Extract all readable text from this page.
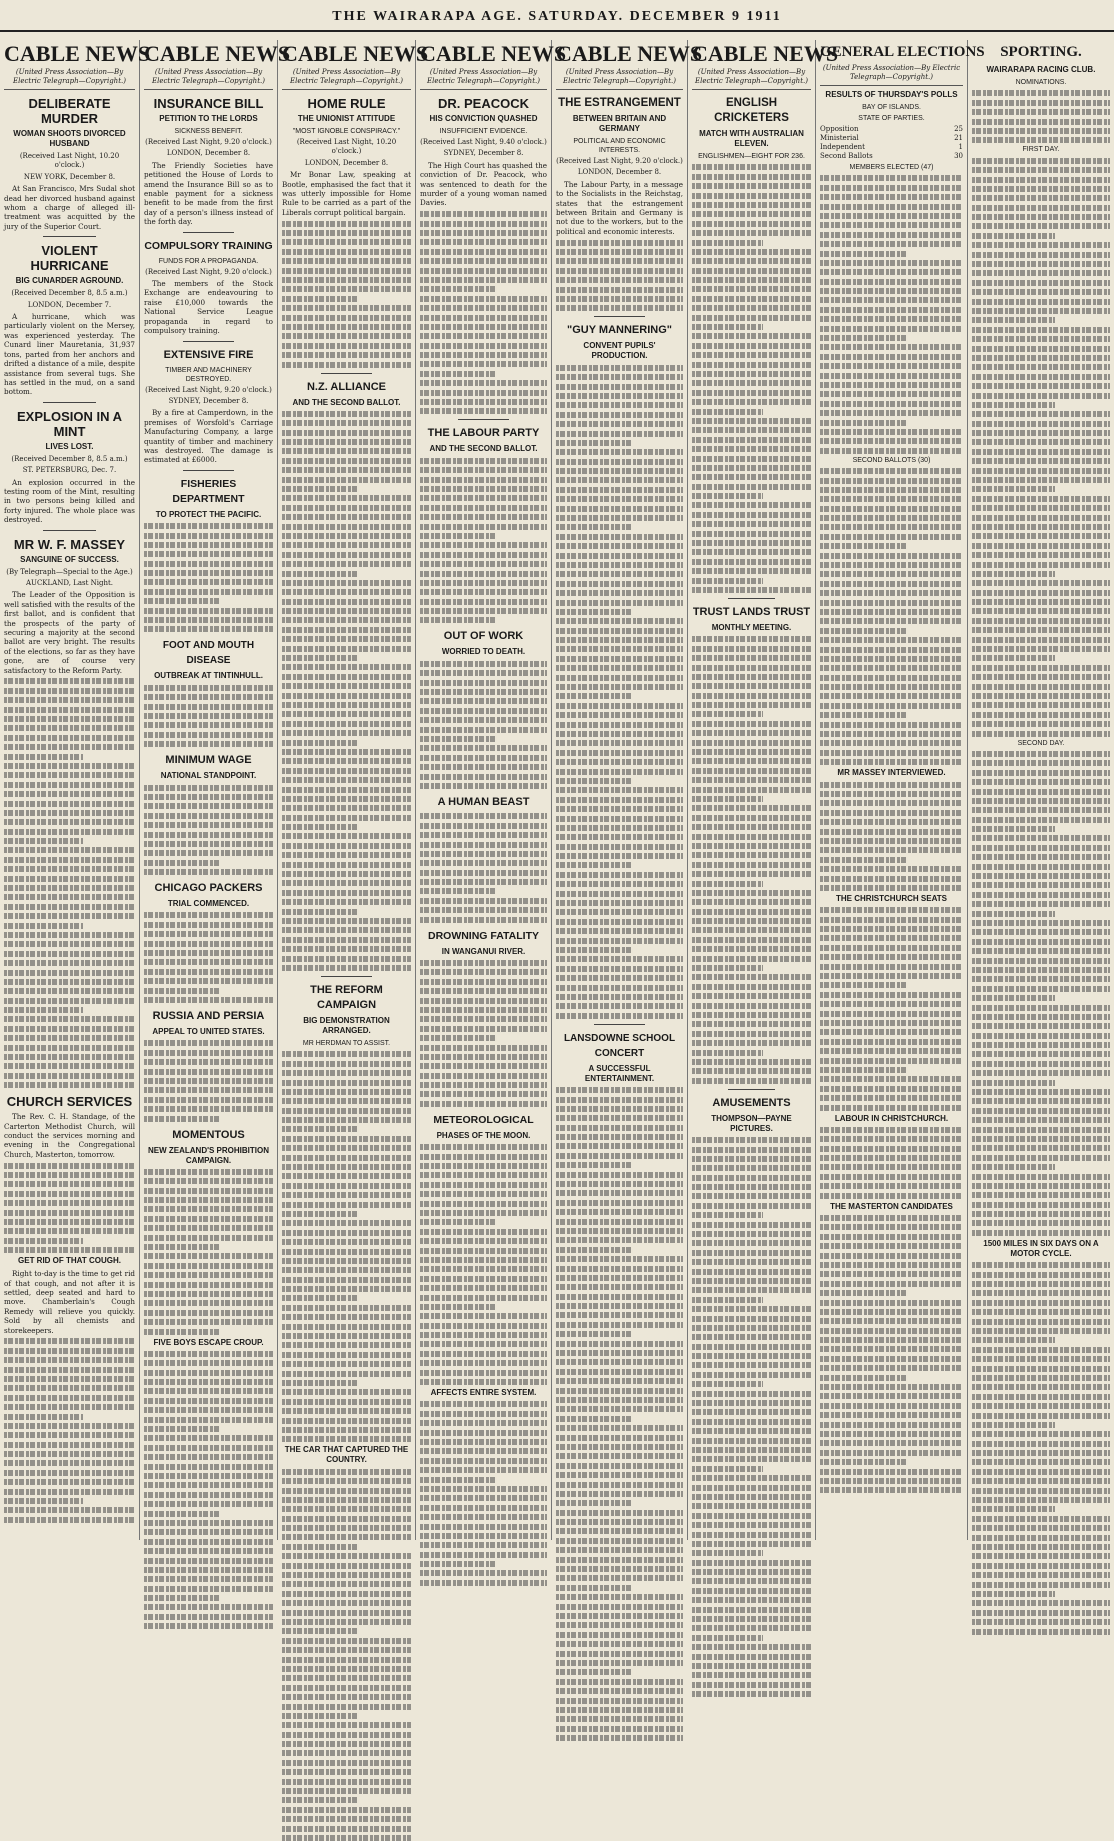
THE WAIRARAPA AGE. SATURDAY. DECEMBER 9 1911
CABLE NEWS
(United Press Association—By Electric Telegraph—Copyright.)
DELIBERATE MURDER
WOMAN SHOOTS DIVORCED HUSBAND
(Received Last Night, 10.20 o'clock.)
NEW YORK, December 8.
At San Francisco, Mrs Sudal shot dead her divorced husband against whom a charge of alleged ill-treatment was acquitted by the jury of the Superior Court.
VIOLENT HURRICANE
BIG CUNARDER AGROUND.
(Received December 8, 8.5 a.m.)
LONDON, December 7.
A hurricane, which was particularly violent on the Mersey, was experienced yesterday. The Cunard liner Mauretania, 31,937 tons, parted from her anchors and drifted a distance of a mile, despite assistance from several tugs. She has settled in the mud, on a sand bottom.
EXPLOSION IN A MINT
LIVES LOST.
(Received December 8, 8.5 a.m.)
ST. PETERSBURG, Dec. 7.
An explosion occurred in the testing room of the Mint, resulting in two persons being killed and forty injured. The whole place was destroyed.
MR W. F. MASSEY
SANGUINE OF SUCCESS.
(By Telegraph—Special to the Age.)
AUCKLAND, Last Night.
The Leader of the Opposition is well satisfied with the results of the first ballot, and is confident that the prospects of the party of securing a majority at the second ballot are very bright. The results of the elections, so far as they have gone, are of course very satisfactory to the Reform Party.
CHURCH SERVICES
The Rev. C. H. Standage, of the Carterton Methodist Church, will conduct the services morning and evening in the Congregational Church, Masterton, tomorrow.
GET RID OF THAT COUGH.
Right to-day is the time to get rid of that cough, and not after it is settled, deep seated and hard to move. Chamberlain's Cough Remedy will relieve you quickly. Sold by all chemists and storekeepers.
CABLE NEWS
(United Press Association—By Electric Telegraph—Copyright.)
INSURANCE BILL
PETITION TO THE LORDS
SICKNESS BENEFIT.
(Received Last Night, 9.20 o'clock.)
LONDON, December 8.
The Friendly Societies have petitioned the House of Lords to amend the Insurance Bill so as to enable payment for a sickness benefit to be made from the first day of a person's illness instead of the forth day.
COMPULSORY TRAINING
FUNDS FOR A PROPAGANDA.
(Received Last Night, 9.20 o'clock.)
The members of the Stock Exchange are endeavouring to raise £10,000 towards the National Service League propaganda in regard to compulsory training.
EXTENSIVE FIRE
TIMBER AND MACHINERY DESTROYED.
(Received Last Night, 9.20 o'clock.)
SYDNEY, December 8.
By a fire at Camperdown, in the premises of Worsfold's Carriage Manufacturing Company, a large quantity of timber and machinery was destroyed. The damage is estimated at £6000.
FISHERIES DEPARTMENT
TO PROTECT THE PACIFIC.
FOOT AND MOUTH DISEASE
OUTBREAK AT TINTINHULL.
MINIMUM WAGE
NATIONAL STANDPOINT.
CHICAGO PACKERS
TRIAL COMMENCED.
RUSSIA AND PERSIA
APPEAL TO UNITED STATES.
MOMENTOUS
NEW ZEALAND'S PROHIBITION CAMPAIGN.
FIVE BOYS ESCAPE CROUP.
CABLE NEWS
(United Press Association—By Electric Telegraph—Copyright.)
HOME RULE
THE UNIONIST ATTITUDE
"MOST IGNOBLE CONSPIRACY."
(Received Last Night, 10.20 o'clock.)
LONDON, December 8.
Mr Bonar Law, speaking at Bootle, emphasised the fact that it was utterly impossible for Home Rule to be carried as a part of the Liberals corrupt political bargain.
N.Z. ALLIANCE
AND THE SECOND BALLOT.
THE REFORM CAMPAIGN
BIG DEMONSTRATION ARRANGED.
MR HERDMAN TO ASSIST.
THE CAR THAT CAPTURED THE COUNTRY.
CABLE NEWS
(United Press Association—By Electric Telegraph—Copyright.)
DR. PEACOCK
HIS CONVICTION QUASHED
INSUFFICIENT EVIDENCE.
(Received Last Night, 9.40 o'clock.)
SYDNEY, December 8.
The High Court has quashed the conviction of Dr. Peacock, who was sentenced to death for the murder of a young woman named Davies.
THE LABOUR PARTY
AND THE SECOND BALLOT.
OUT OF WORK
WORRIED TO DEATH.
A HUMAN BEAST
DROWNING FATALITY
IN WANGANUI RIVER.
METEOROLOGICAL
PHASES OF THE MOON.
AFFECTS ENTIRE SYSTEM.
CABLE NEWS
(United Press Association—By Electric Telegraph—Copyright.)
THE ESTRANGEMENT
BETWEEN BRITAIN AND GERMANY
POLITICAL AND ECONOMIC INTERESTS.
(Received Last Night, 9.20 o'clock.)
LONDON, December 8.
The Labour Party, in a message to the Socialists in the Reichstag, states that the estrangement between Britain and Germany is not due to the workers, but to the political and economic interests.
"GUY MANNERING"
CONVENT PUPILS' PRODUCTION.
LANSDOWNE SCHOOL CONCERT
A SUCCESSFUL ENTERTAINMENT.
CABLE NEWS
(United Press Association—By Electric Telegraph—Copyright.)
ENGLISH CRICKETERS
MATCH WITH AUSTRALIAN ELEVEN.
ENGLISHMEN—EIGHT FOR 236.
TRUST LANDS TRUST
MONTHLY MEETING.
AMUSEMENTS
THOMPSON—PAYNE PICTURES.
GENERAL ELECTIONS
(United Press Association—By Electric Telegraph—Copyright.)
RESULTS OF THURSDAY'S POLLS
BAY OF ISLANDS.
STATE OF PARTIES.
Opposition	25
Ministerial	21
Independent	1
Second Ballots	30
MEMBERS ELECTED (47)
SECOND BALLOTS (30)
MR MASSEY INTERVIEWED.
THE CHRISTCHURCH SEATS
LABOUR IN CHRISTCHURCH.
THE MASTERTON CANDIDATES
SPORTING.
WAIRARAPA RACING CLUB.
NOMINATIONS.
FIRST DAY.
SECOND DAY.
1500 MILES IN SIX DAYS ON A MOTOR CYCLE.
